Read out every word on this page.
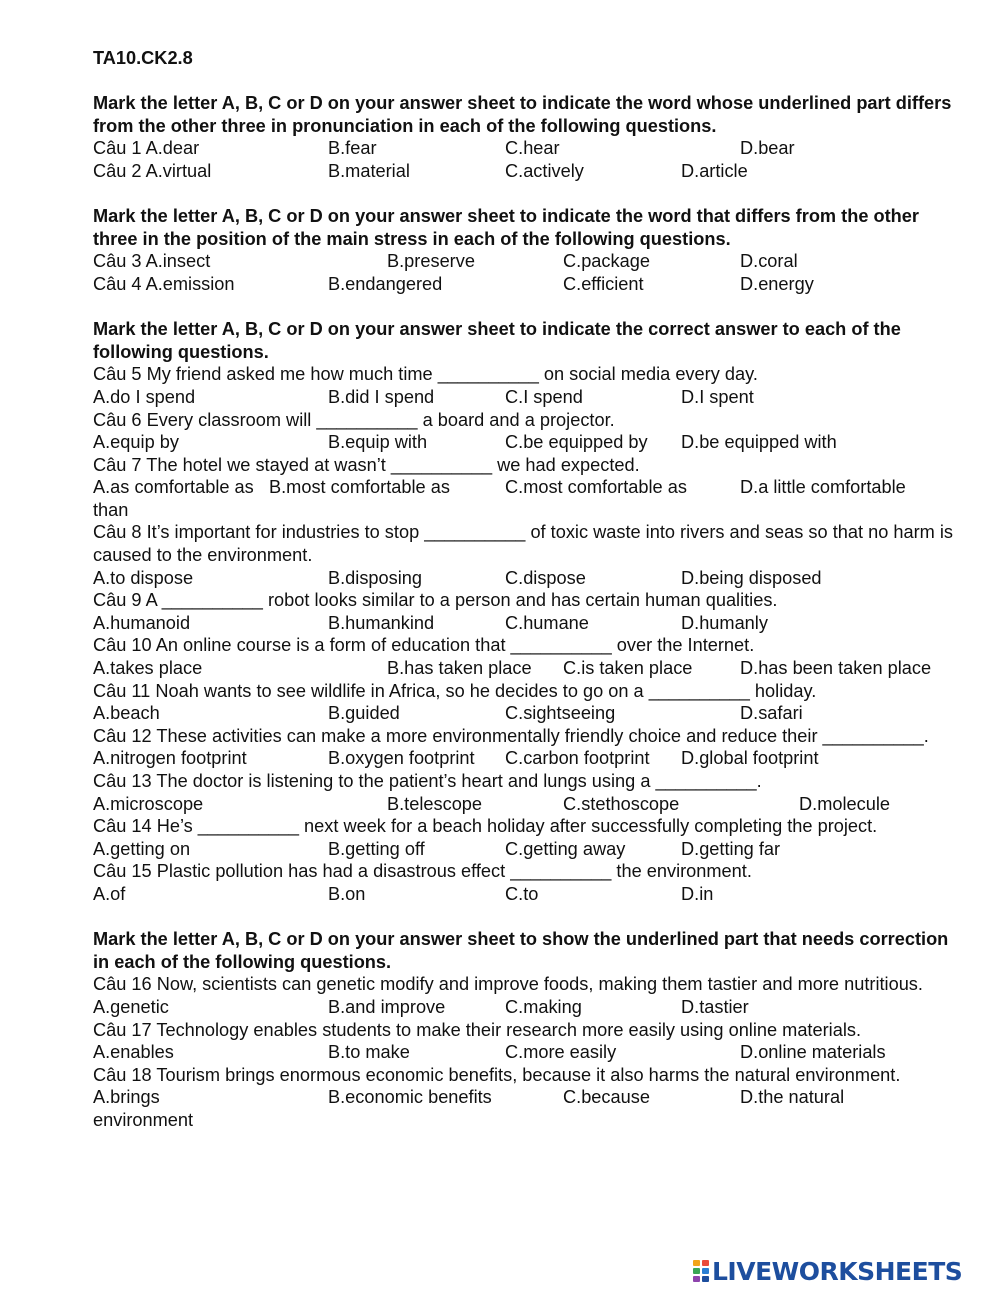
TA10.CK2.8
Mark the letter A, B, C or D on your answer sheet to indicate the word whose underlined part differs from the other three in pronunciation in each of the following questions.
Câu 1 A.dear	B.fear	C.hear	D.bear
Câu 2 A.virtual	B.material	C.actively	D.article
Mark the letter A, B, C or D on your answer sheet to indicate the word that differs from the other three in the position of the main stress in each of the following questions.
Câu 3 A.insect	B.preserve	C.package	D.coral
Câu 4 A.emission	B.endangered	C.efficient	D.energy
Mark the letter A, B, C or D on your answer sheet to indicate the correct answer to each of the following questions.
Câu 5 My friend asked me how much time __________ on social media every day.
A.do I spend	B.did I spend	C.I spend	D.I spent
Câu 6 Every classroom will __________ a board and a projector.
A.equip by	B.equip with	C.be equipped by D.be equipped with
Câu 7 The hotel we stayed at wasn’t __________ we had expected.
A.as comfortable as B.most comfortable as	C.most comfortable as	D.a little comfortable
than
Câu 8 It’s important for industries to stop __________ of toxic waste into rivers and seas so that no harm is caused to the environment.
A.to dispose	B.disposing	C.dispose	D.being disposed
Câu 9 A __________ robot looks similar to a person and has certain human qualities.
A.humanoid	B.humankind	C.humane	D.humanly
Câu 10 An online course is a form of education that __________ over the Internet.
A.takes place	B.has taken place C.is taken place	D.has been taken place
Câu 11 Noah wants to see wildlife in Africa, so he decides to go on a __________ holiday.
A.beach	B.guided	C.sightseeing	D.safari
Câu 12 These activities can make a more environmentally friendly choice and reduce their __________.
A.nitrogen footprint	B.oxygen footprint C.carbon footprint D.global footprint
Câu 13 The doctor is listening to the patient’s heart and lungs using a __________.
A.microscope	B.telescope	C.stethoscope	D.molecule
Câu 14 He’s __________ next week for a beach holiday after successfully completing the project.
A.getting on	B.getting off	C.getting away	D.getting far
Câu 15 Plastic pollution has had a disastrous effect __________ the environment.
A.of	B.on	C.to	D.in
Mark the letter A, B, C or D on your answer sheet to show the underlined part that needs correction in each of the following questions.
Câu 16 Now, scientists can genetic modify and improve foods, making them tastier and more nutritious.
A.genetic	B.and improve	C.making	D.tastier
Câu 17 Technology enables students to make their research more easily using online materials.
A.enables	B.to make	C.more easily	D.online materials
Câu 18 Tourism brings enormous economic benefits, because it also harms the natural environment.
A.brings	B.economic benefits	C.because	D.the natural
environment
LIVEWORKSHEETS
